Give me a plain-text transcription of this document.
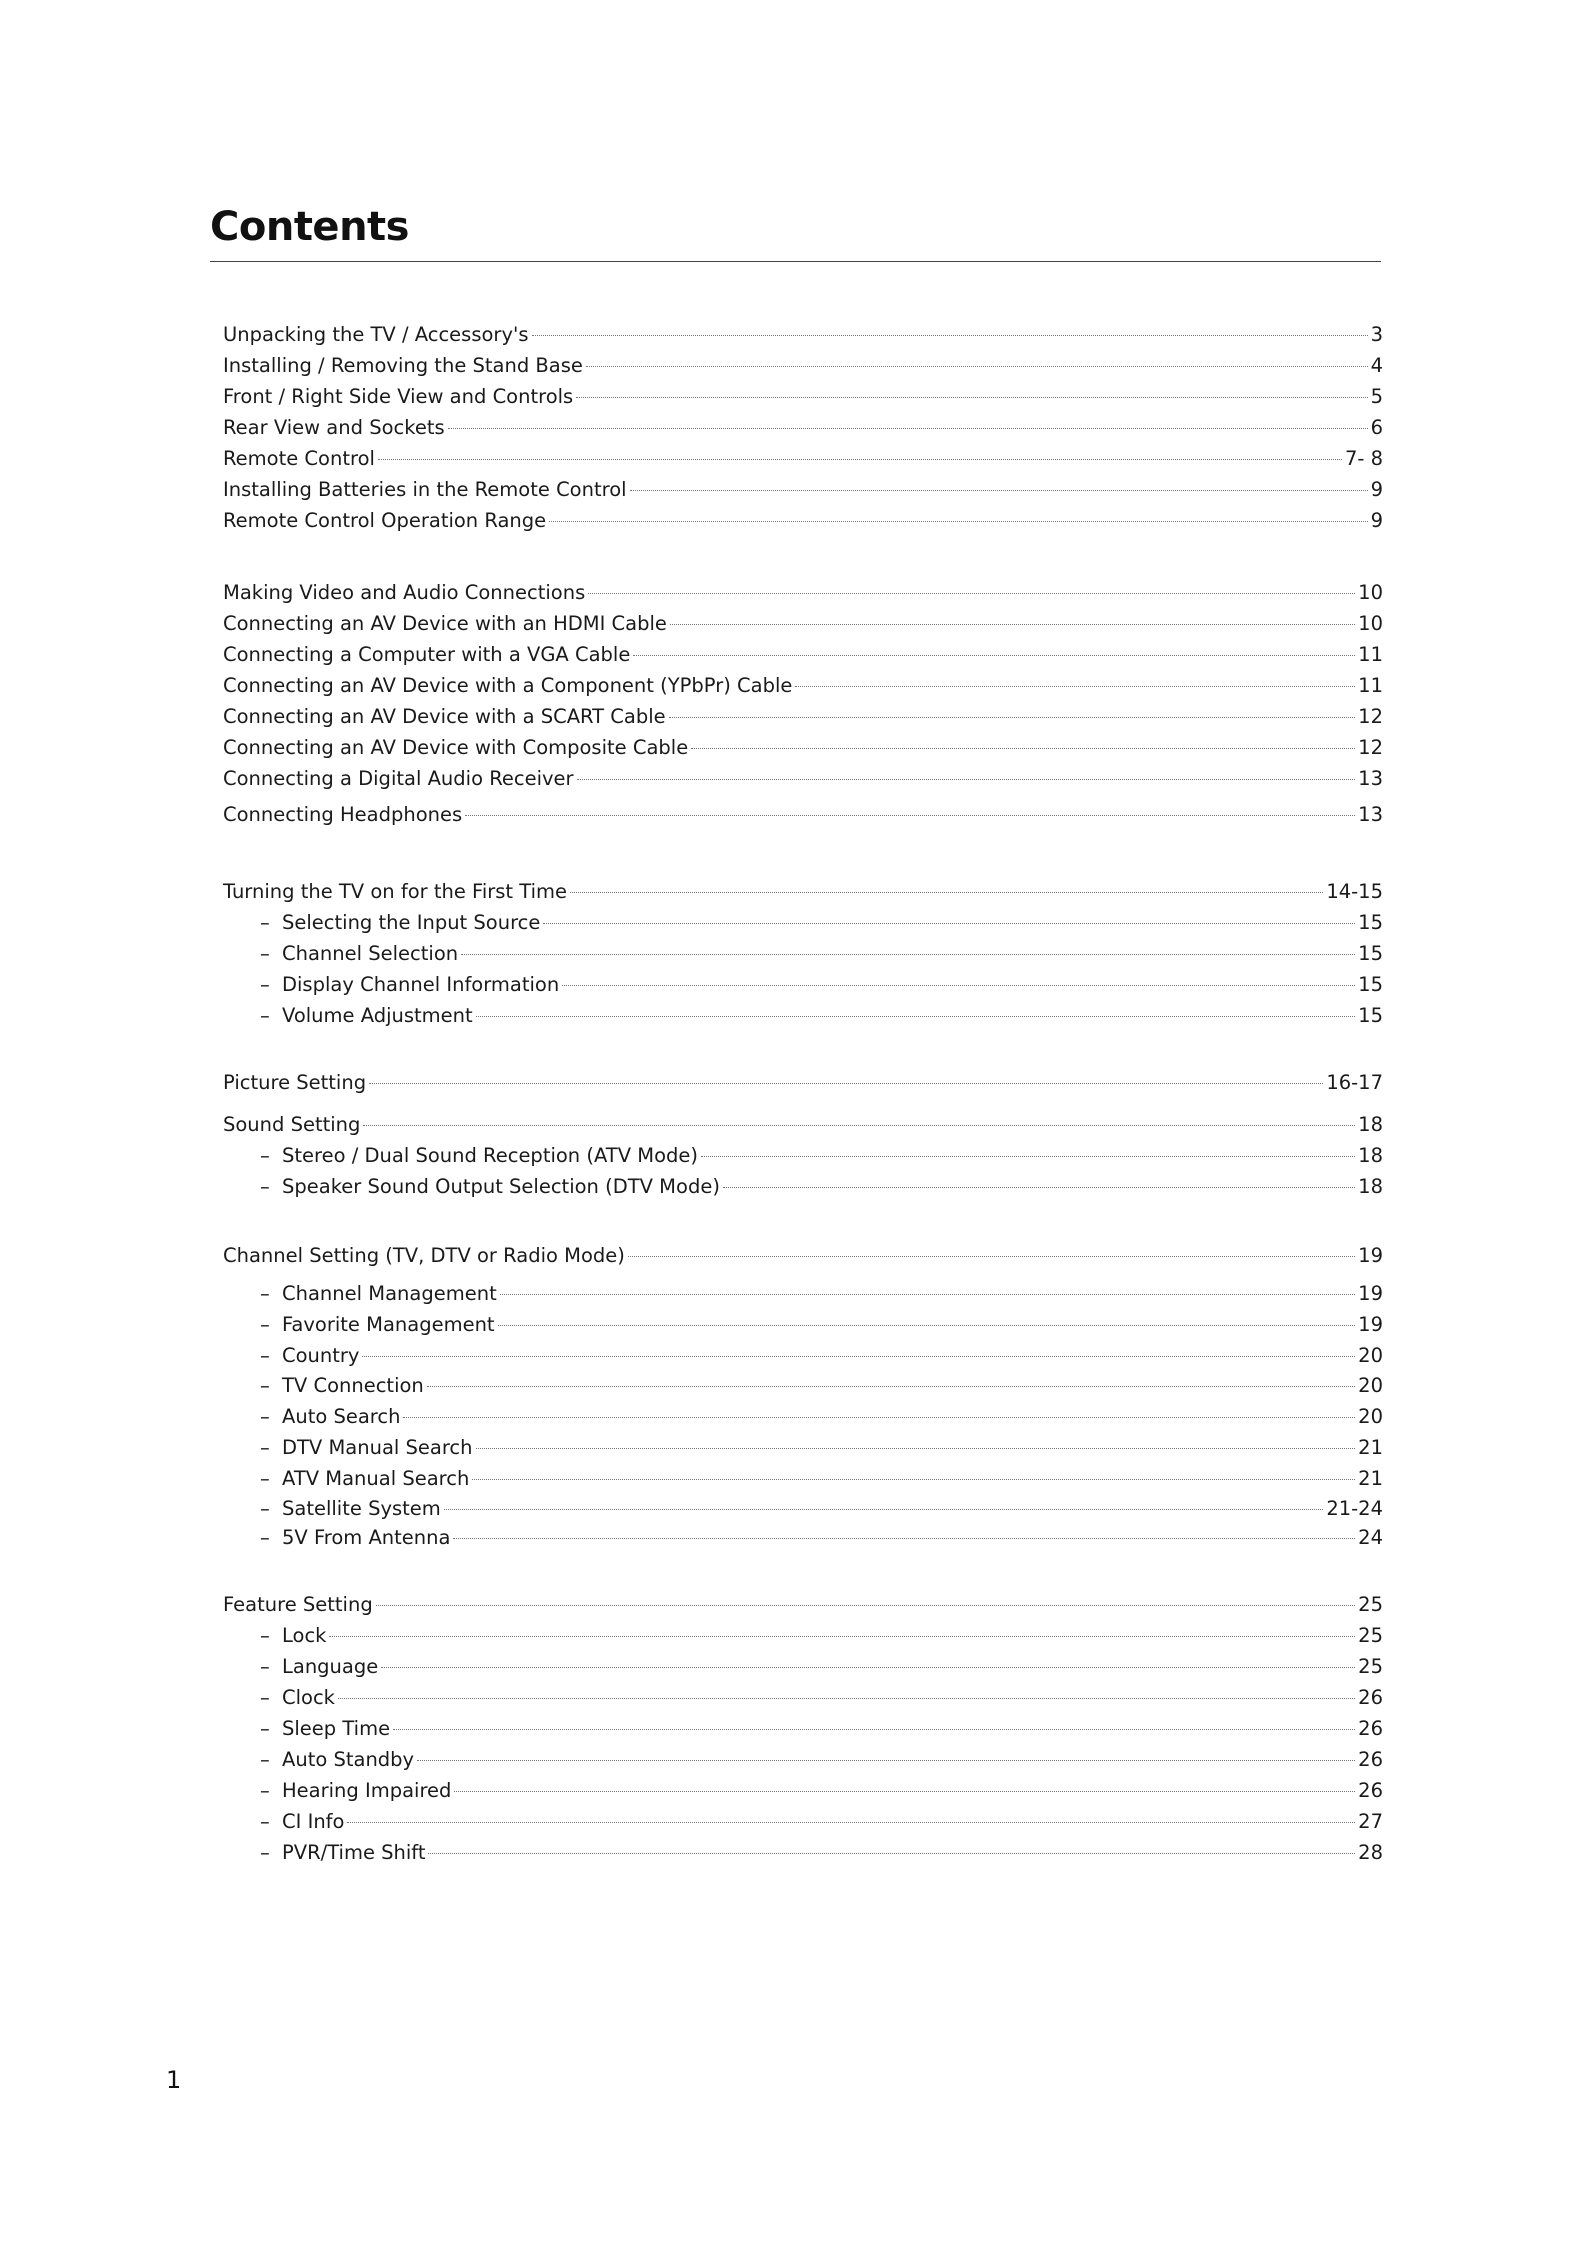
Contents
Unpacking the TV / Accessory's	3
Installing / Removing the Stand Base	4
Front / Right Side View and Controls	5
Rear View and Sockets	6
Remote Control	7- 8
Installing Batteries in the Remote Control	9
Remote Control Operation Range	9
Making Video and Audio Connections	10
Connecting an AV Device with an HDMI Cable	10
Connecting a Computer with a VGA Cable	11
Connecting an AV Device with a Component (YPbPr) Cable	11
Connecting an AV Device with a SCART Cable	12
Connecting an AV Device with Composite Cable	12
Connecting a Digital Audio Receiver	13
Connecting Headphones	13
Turning the TV on for the First Time	14-15
– Selecting the Input Source	15
– Channel Selection	15
– Display Channel Information	15
– Volume Adjustment	15
Picture Setting	16-17
Sound Setting	18
– Stereo / Dual Sound Reception (ATV Mode)	18
– Speaker Sound Output Selection (DTV Mode)	18
Channel Setting (TV, DTV or Radio Mode)	19
– Channel Management	19
– Favorite Management	19
– Country	20
– TV Connection	20
– Auto Search	20
– DTV Manual Search	21
– ATV Manual Search	21
– Satellite System	21-24
– 5V From Antenna	24
Feature Setting	25
– Lock	25
– Language	25
– Clock	26
– Sleep Time	26
– Auto Standby	26
– Hearing Impaired	26
– CI Info	27
– PVR/Time Shift	28
1
